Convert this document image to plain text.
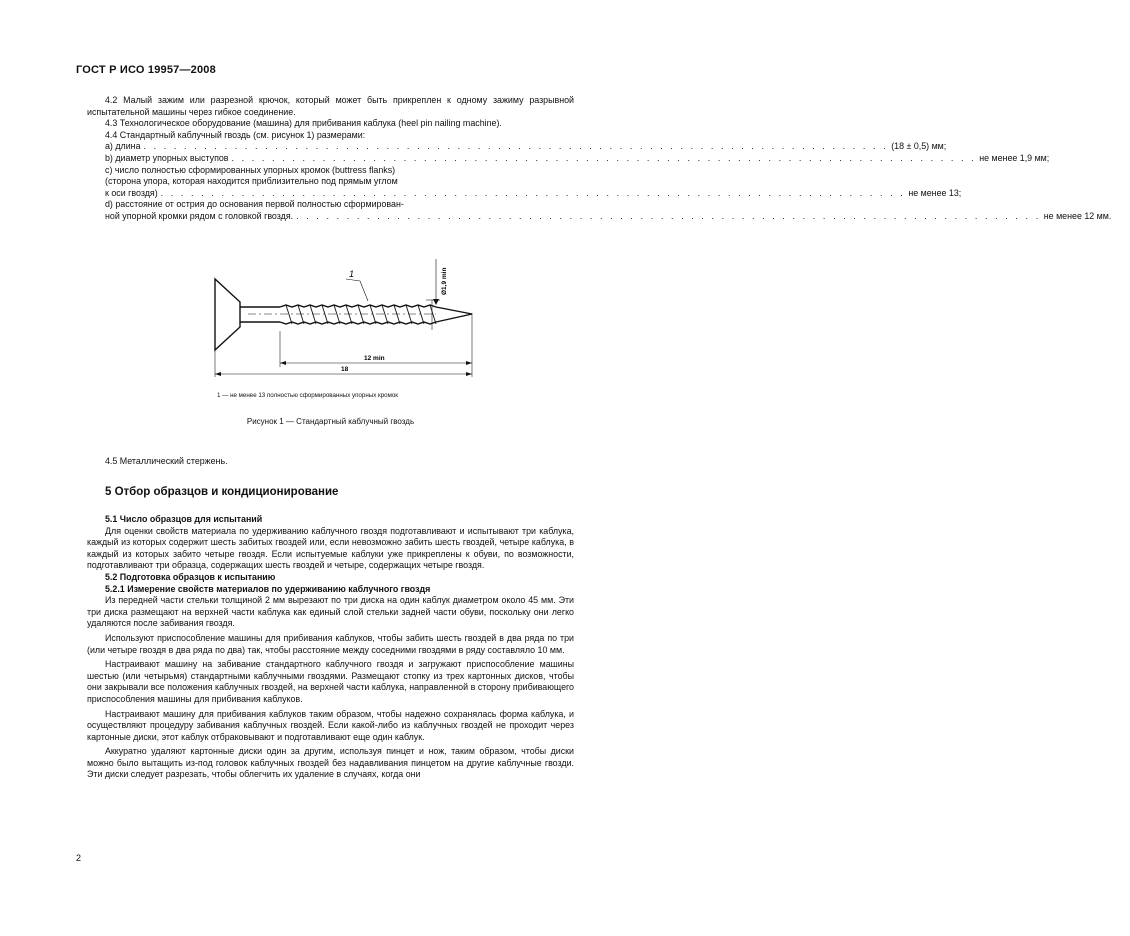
ГОСТ Р ИСО 19957—2008

4.2 Малый зажим или разрезной крючок, который может быть прикреплен к одному зажиму разрывной испытательной машины через гибкое соединение.

4.3 Технологическое оборудование (машина) для прибивания каблука (heel pin nailing machine).

4.4 Стандартный каблучный гвоздь (см. рисунок 1) размерами:

a) длина . . . . . . . . . . . . . . . . . . . . . . . . . . . . . . . . . . . . . . . . . . . . . . . . . . . . . . . . . . . . . . . . . . . . . . . . . . (18 ± 0,5) мм;
b) диаметр упорных выступов . . . . . . . . . . . . . . . . . . . . . . . . . . . . . . . . . . . . . . . . . . . . . . . . . . . . . . . . . . . . . . . . . . . . . . . . . . не менее 1,9 мм;
c) число полностью сформированных упорных кромок (buttress flanks)
(сторона упора, которая находится приблизительно под прямым углом
к оси гвоздя) . . . . . . . . . . . . . . . . . . . . . . . . . . . . . . . . . . . . . . . . . . . . . . . . . . . . . . . . . . . . . . . . . . . . . . . . . . не менее 13;
d) расстояние от острия до основания первой полностью сформирован-
ной упорной кромки рядом с головкой гвоздя. . . . . . . . . . . . . . . . . . . . . . . . . . . . . . . . . . . . . . . . . . . . . . . . . . . . . . . . . . . . . . . . . . . . . . . . . . . не менее 12 мм.
1	Ø1,9 min
12 min
18
1 — не менее 13 полностью сформированных упорных кромок
Рисунок 1 — Стандартный каблучный гвоздь

4.5 Металлический стержень.

5 Отбор образцов и кондиционирование

5.1 Число образцов для испытаний

Для оценки свойств материала по удерживанию каблучного гвоздя подготавливают и испытывают три каблука, каждый из которых содержит шесть забитых гвоздей или, если невозможно забить шесть гвоздей, четыре каблука, в каждый из которых забито четыре гвоздя. Если испытуемые каблуки уже прикреплены к обуви, по возможности, подготавливают три образца, содержащих шесть гвоздей и четыре, содержащих четыре гвоздя.

5.2 Подготовка образцов к испытанию

5.2.1 Измерение свойств материалов по удерживанию каблучного гвоздя

Из передней части стельки толщиной 2 мм вырезают по три диска на один каблук диаметром около 45 мм. Эти три диска размещают на верхней части каблука как единый слой стельки задней части обуви, поскольку они легко удаляются после забивания гвоздя.

Используют приспособление машины для прибивания каблуков, чтобы забить шесть гвоздей в два ряда по три (или четыре гвоздя в два ряда по два) так, чтобы расстояние между соседними гвоздями в ряду составляло 10 мм.

Настраивают машину на забивание стандартного каблучного гвоздя и загружают приспособление машины шестью (или четырьмя) стандартными каблучными гвоздями. Размещают стопку из трех картонных дисков, чтобы они закрывали все положения каблучных гвоздей, на верхней части каблука, направленной в сторону прибивающего приспособления машины для прибивания каблуков.

Настраивают машину для прибивания каблуков таким образом, чтобы надежно сохранялась форма каблука, и осуществляют процедуру забивания каблучных гвоздей. Если какой-либо из каблучных гвоздей не проходит через картонные диски, этот каблук отбраковывают и подготавливают еще один каблук.

Аккуратно удаляют картонные диски один за другим, используя пинцет и нож, таким образом, чтобы диски можно было вытащить из-под головок каблучных гвоздей без надавливания пинцетом на другие каблучные гвозди. Эти диски следует разрезать, чтобы облегчить их удаление в случаях, когда они

2
